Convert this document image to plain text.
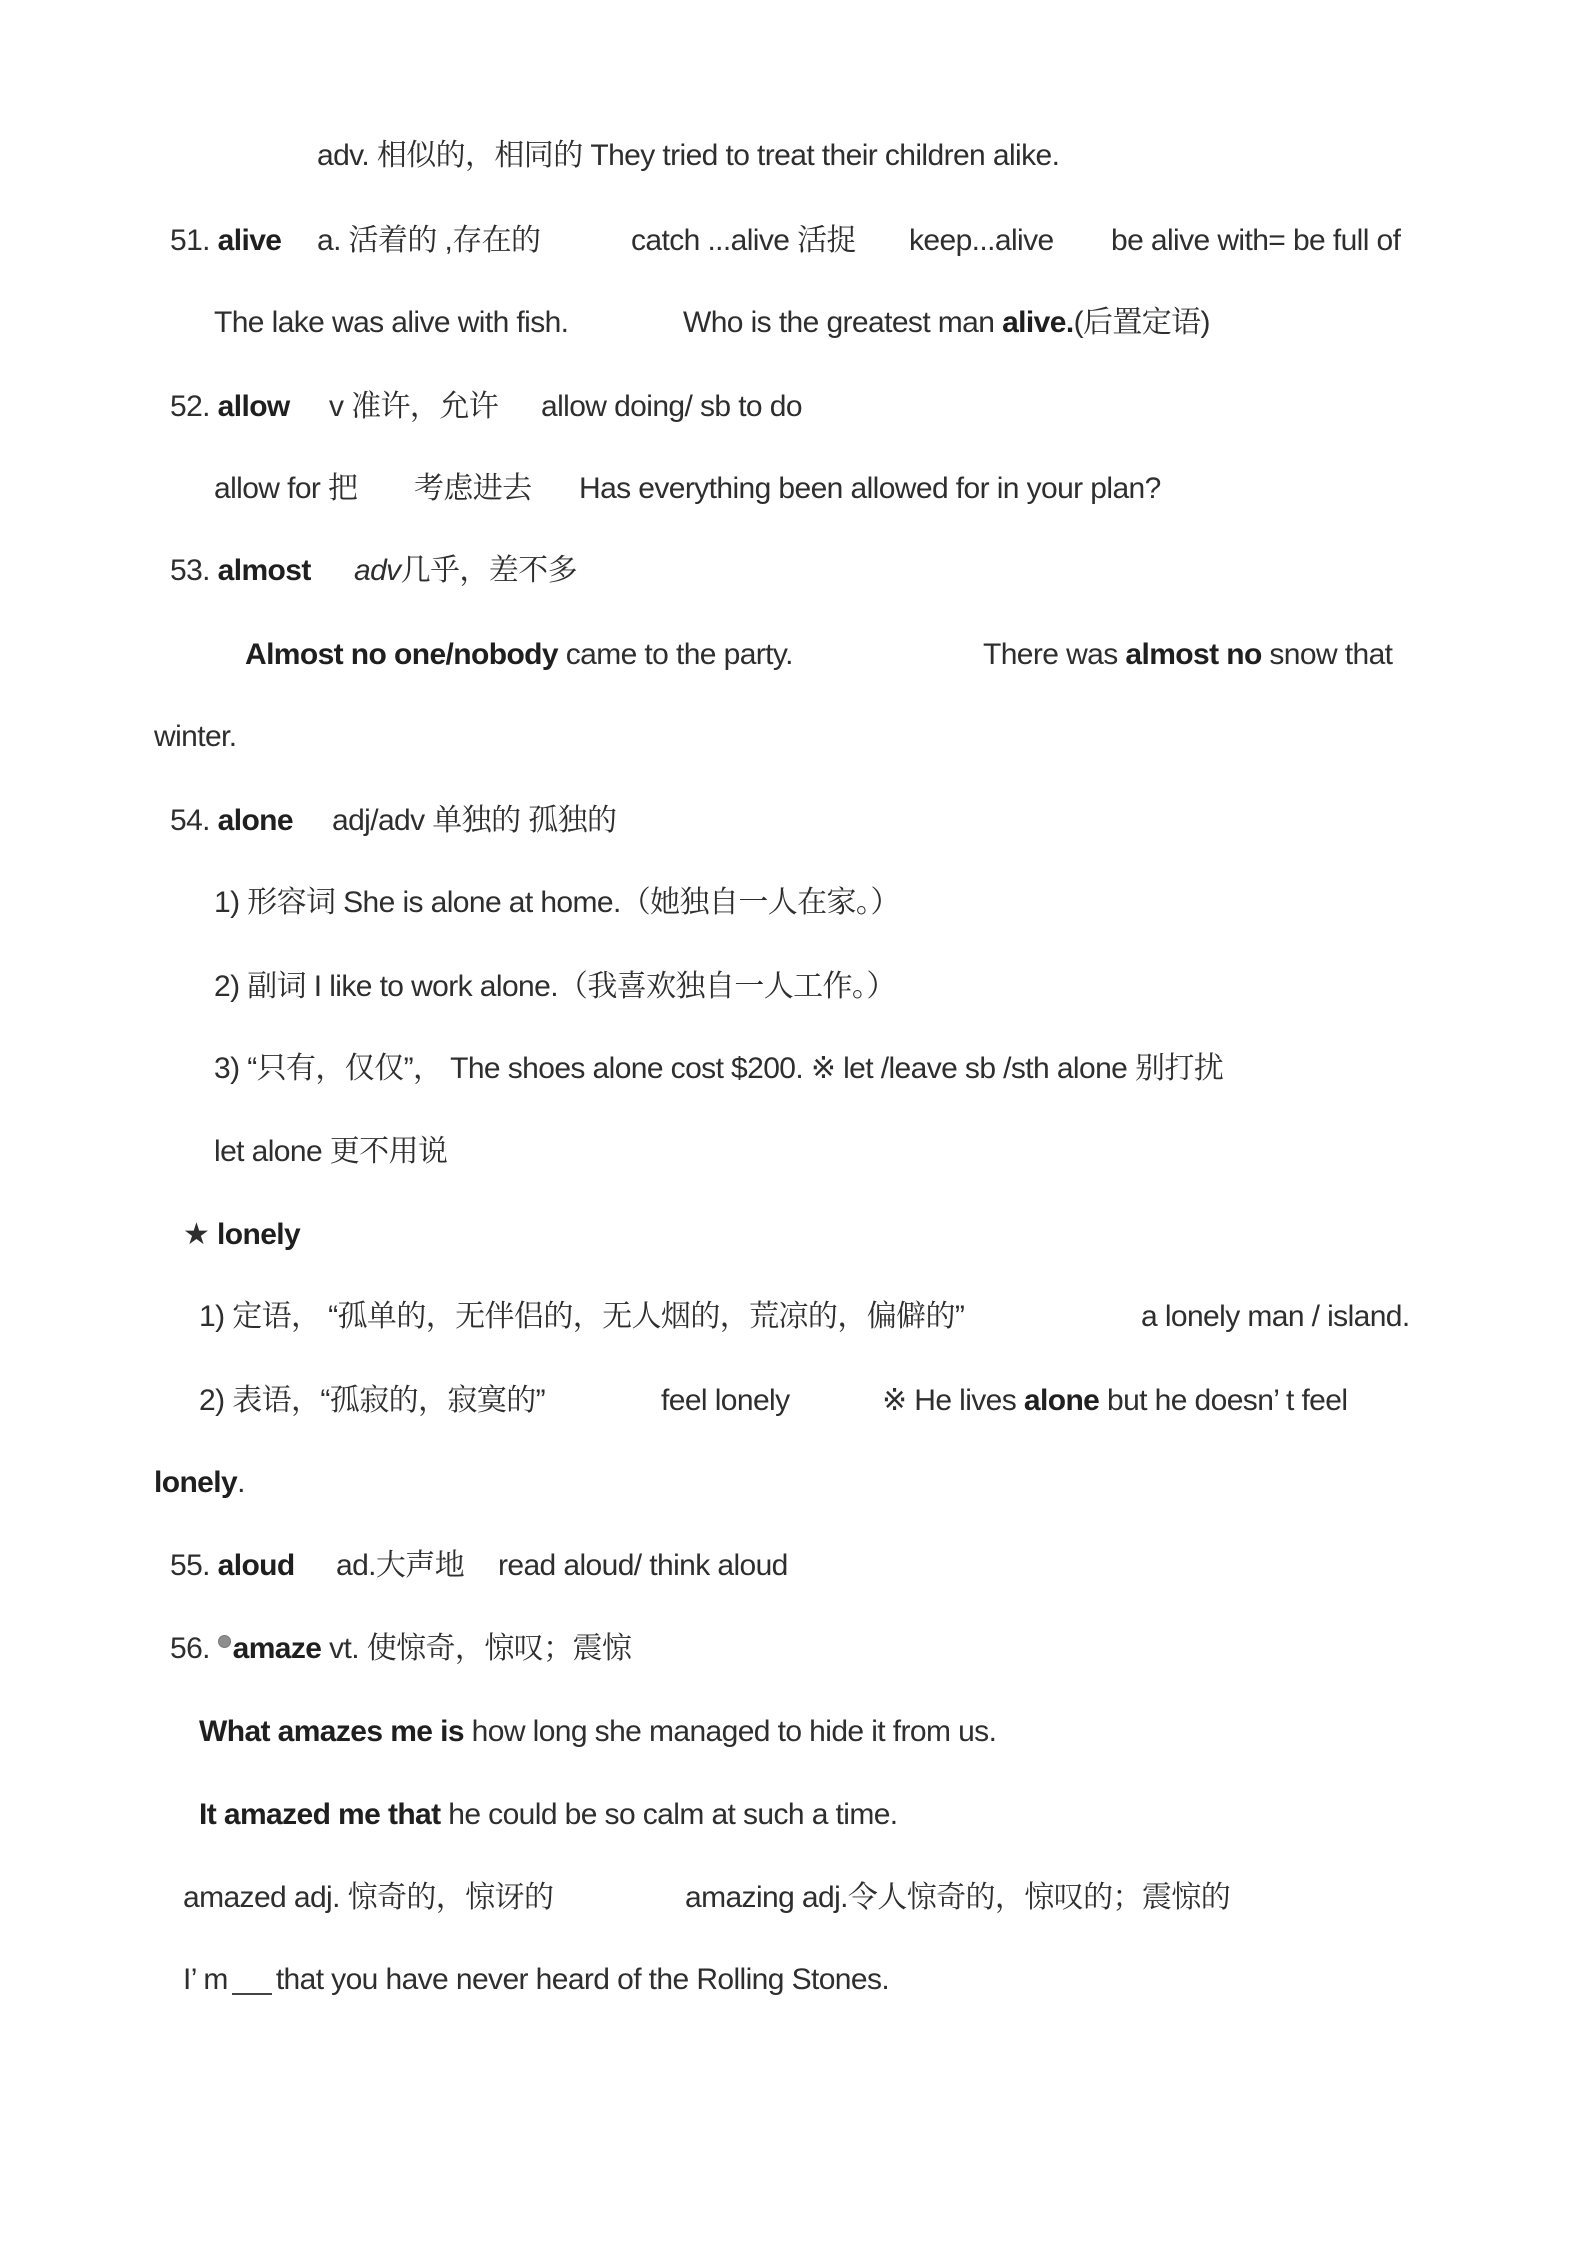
adv. 相似的，相同的 They tried to treat their children alike.
51. alive a. 活着的 ,存在的	catch ...alive 活捉 keep...alive be alive with= be full of
The lake was alive with fish.	Who is the greatest man alive.(后置定语)
52. allow v 准许，允许 allow doing/ sb to do
allow for 把 考虑进去 Has everything been allowed for in your plan?
53. almost adv几乎，差不多
Almost no one/nobody came to the party.	There was almost no snow that
winter.
54. alone adj/adv 单独的 孤独的
1) 形容词 She is alone at home.（她独自一人在家。）
2) 副词 I like to work alone.（我喜欢独自一人工作。）
3) “只有，仅仅”， The shoes alone cost $200. ※ let /leave sb /sth alone 别打扰
let alone 更不用说
★ lonely
1) 定语， “孤单的，无伴侣的，无人烟的，荒凉的，偏僻的”	a lonely man / island.
2) 表语，“孤寂的，寂寞的”	feel lonely	※ He lives alone but he doesn’ t feel
lonely.
55. aloud ad.大声地 read aloud/ think aloud
56. amaze vt. 使惊奇，惊叹；震惊
What amazes me is how long she managed to hide it from us.
It amazed me that he could be so calm at such a time.
amazed adj. 惊奇的，惊讶的	amazing adj.令人惊奇的，惊叹的；震惊的
I’ m that you have never heard of the Rolling Stones.
